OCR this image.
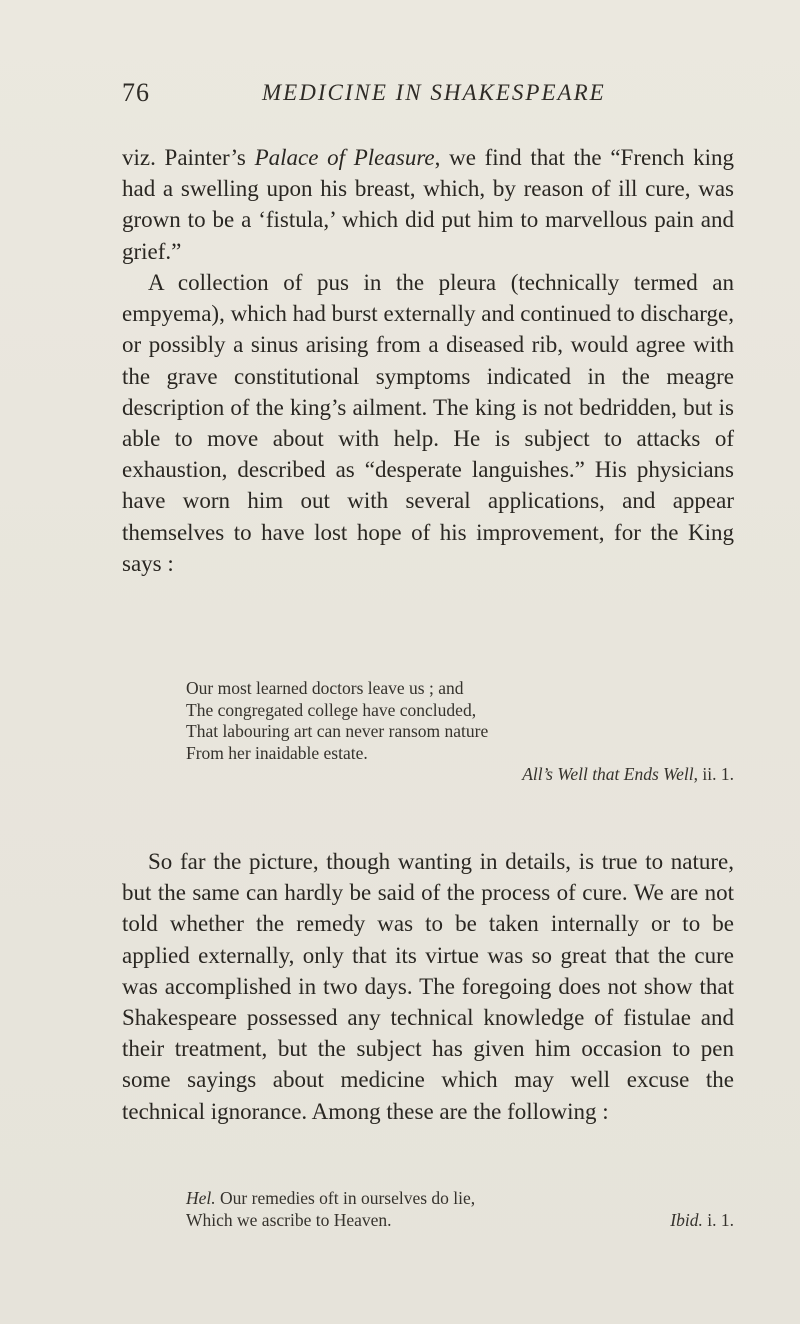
76	MEDICINE IN SHAKESPEARE

viz. Painter’s Palace of Pleasure, we find that the “French king had a swelling upon his breast, which, by reason of ill cure, was grown to be a ‘fistula,’ which did put him to marvellous pain and grief.”

A collection of pus in the pleura (technically termed an empyema), which had burst externally and continued to discharge, or possibly a sinus arising from a diseased rib, would agree with the grave constitutional symptoms indicated in the meagre description of the king’s ailment. The king is not bedridden, but is able to move about with help. He is subject to attacks of exhaustion, described as “desperate languishes.” His physicians have worn him out with several applications, and appear themselves to have lost hope of his improvement, for the King says :

Our most learned doctors leave us ; and
The congregated college have concluded,
That labouring art can never ransom nature
From her inaidable estate.
All’s Well that Ends Well, ii. 1.

So far the picture, though wanting in details, is true to nature, but the same can hardly be said of the process of cure. We are not told whether the remedy was to be taken internally or to be applied externally, only that its virtue was so great that the cure was accomplished in two days. The foregoing does not show that Shakespeare possessed any technical knowledge of fistulae and their treatment, but the subject has given him occasion to pen some sayings about medicine which may well excuse the technical ignorance. Among these are the following :

Hel. Our remedies oft in ourselves do lie,
Which we ascribe to Heaven.	Ibid. i. 1.
